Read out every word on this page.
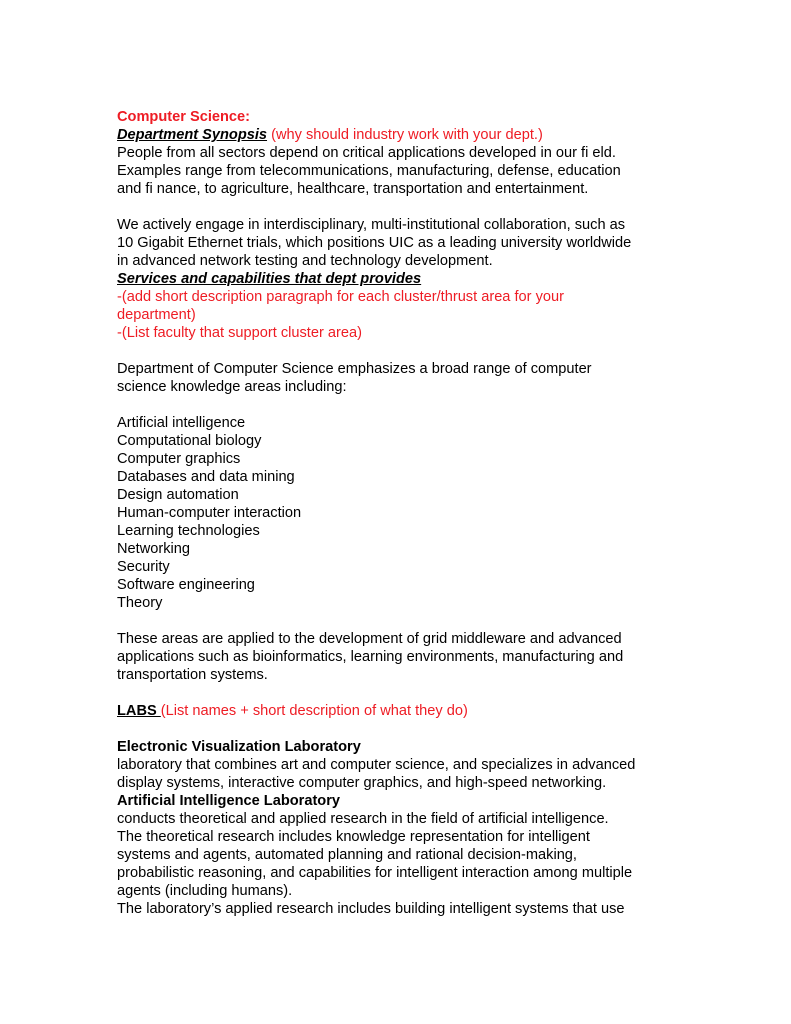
Computer Science:
Department Synopsis (why should industry work with your dept.)
People from all sectors depend on critical applications developed in our fi eld.
Examples range from telecommunications, manufacturing, defense, education
and fi nance, to agriculture, healthcare, transportation and entertainment.
We actively engage in interdisciplinary, multi-institutional collaboration, such as
10 Gigabit Ethernet trials, which positions UIC as a leading university worldwide
in advanced network testing and technology development.
Services and capabilities that dept provides
-(add short description paragraph for each cluster/thrust area for your
department)
-(List faculty that support cluster area)
Department of Computer Science emphasizes a broad range of computer
science knowledge areas including:
Artificial intelligence
Computational biology
Computer graphics
Databases and data mining
Design automation
Human-computer interaction
Learning technologies
Networking
Security
Software engineering
Theory
These areas are applied to the development of grid middleware and advanced
applications such as bioinformatics, learning environments, manufacturing and
transportation systems.
LABS (List names + short description of what they do)
Electronic Visualization Laboratory
laboratory that combines art and computer science, and specializes in advanced
display systems, interactive computer graphics, and high-speed networking.
Artificial Intelligence Laboratory
conducts theoretical and applied research in the field of artificial intelligence.
The theoretical research includes knowledge representation for intelligent
systems and agents, automated planning and rational decision-making,
probabilistic reasoning, and capabilities for intelligent interaction among multiple
agents (including humans).
The laboratory’s applied research includes building intelligent systems that use
